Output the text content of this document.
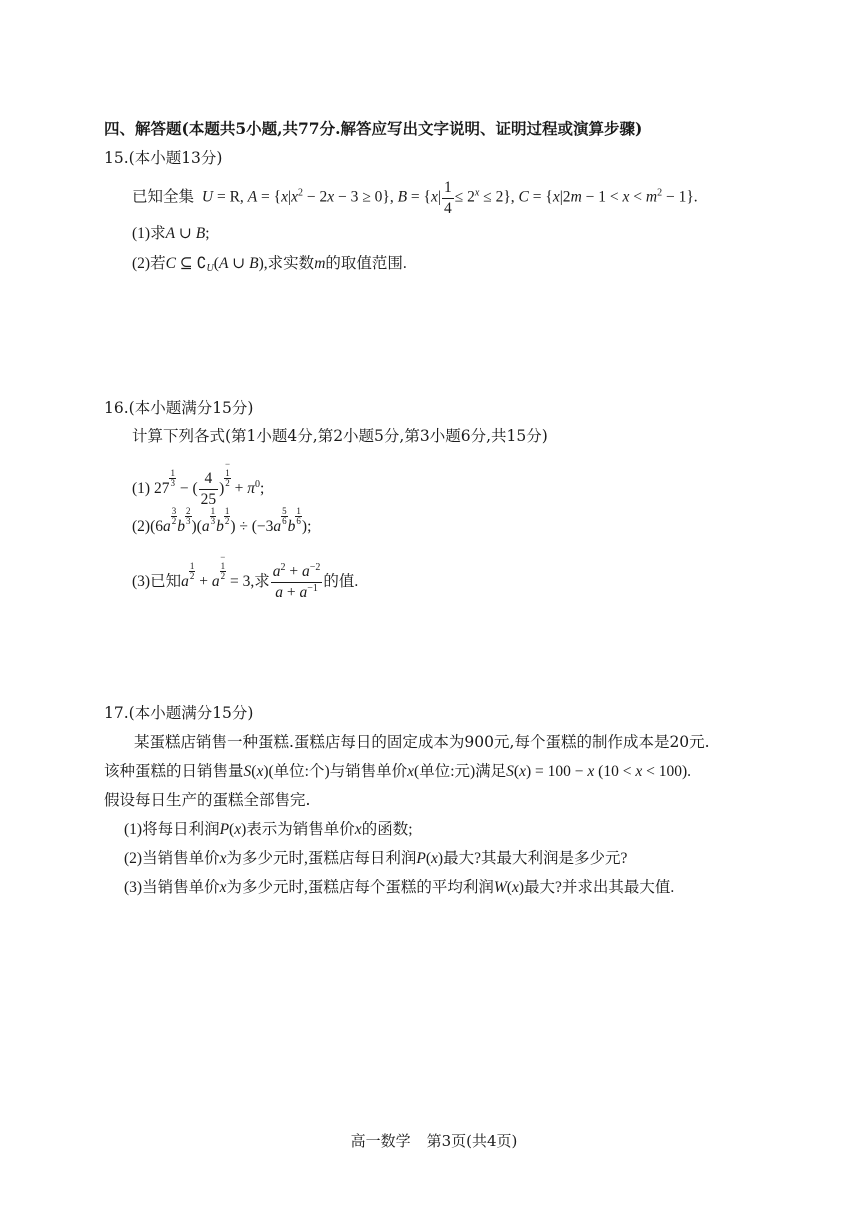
四、解答题(本题共5小题,共77分.解答应写出文字说明、证明过程或演算步骤)
15.(本小题13分)
已知全集 U = R, $A = \{x|x^2 - 2x - 3 \ge 0\}$, $B = \{x| \frac{1}{4} \le 2^x \le 2\}$, $C = \{x|2m - 1 < x < m^2 - 1\}$.
(1)求A ∪ B;
(2)若C ⊆ $∁_U(A$ ∪ B),求实数m的取值范围.
16.(本小题满分15分)
计算下列各式(第1小题4分,第2小题5分,第3小题6分,共15分)
(1) 27
$\frac{1}{3}$
− ( $\frac{4}{25}$ )
−
1
$2 + \pi^0$;
(2)(6a
$\frac{3}{2}$
b
$\frac{2}{3}$
)(a
$\frac{1}{3}$
b
$\frac{1}{2}$
) ÷ (−3a
$\frac{5}{6}$
b
$\frac{1}{6}$
);
(3)已知a
$\frac{1}{2}$
+ a
−
1
2 = 3,求 $\frac{a^2 + a^{-2}}{a + a^{-1}}$ 的值.
17.(本小题满分15分)
某蛋糕店销售一种蛋糕.蛋糕店每日的固定成本为900元,每个蛋糕的制作成本是20元.
该种蛋糕的日销售量S(x)(单位:个)与销售单价x(单位:元)满足S(x) = 100 − x (10 < x < 100).
假设每日生产的蛋糕全部售完.
(1)将每日利润P(x)表示为销售单价x的函数;
(2)当销售单价x为多少元时,蛋糕店每日利润P(x)最大?其最大利润是多少元?
(3)当销售单价x为多少元时,蛋糕店每个蛋糕的平均利润W(x)最大?并求出其最大值.
高一数学 第3页(共4页)
